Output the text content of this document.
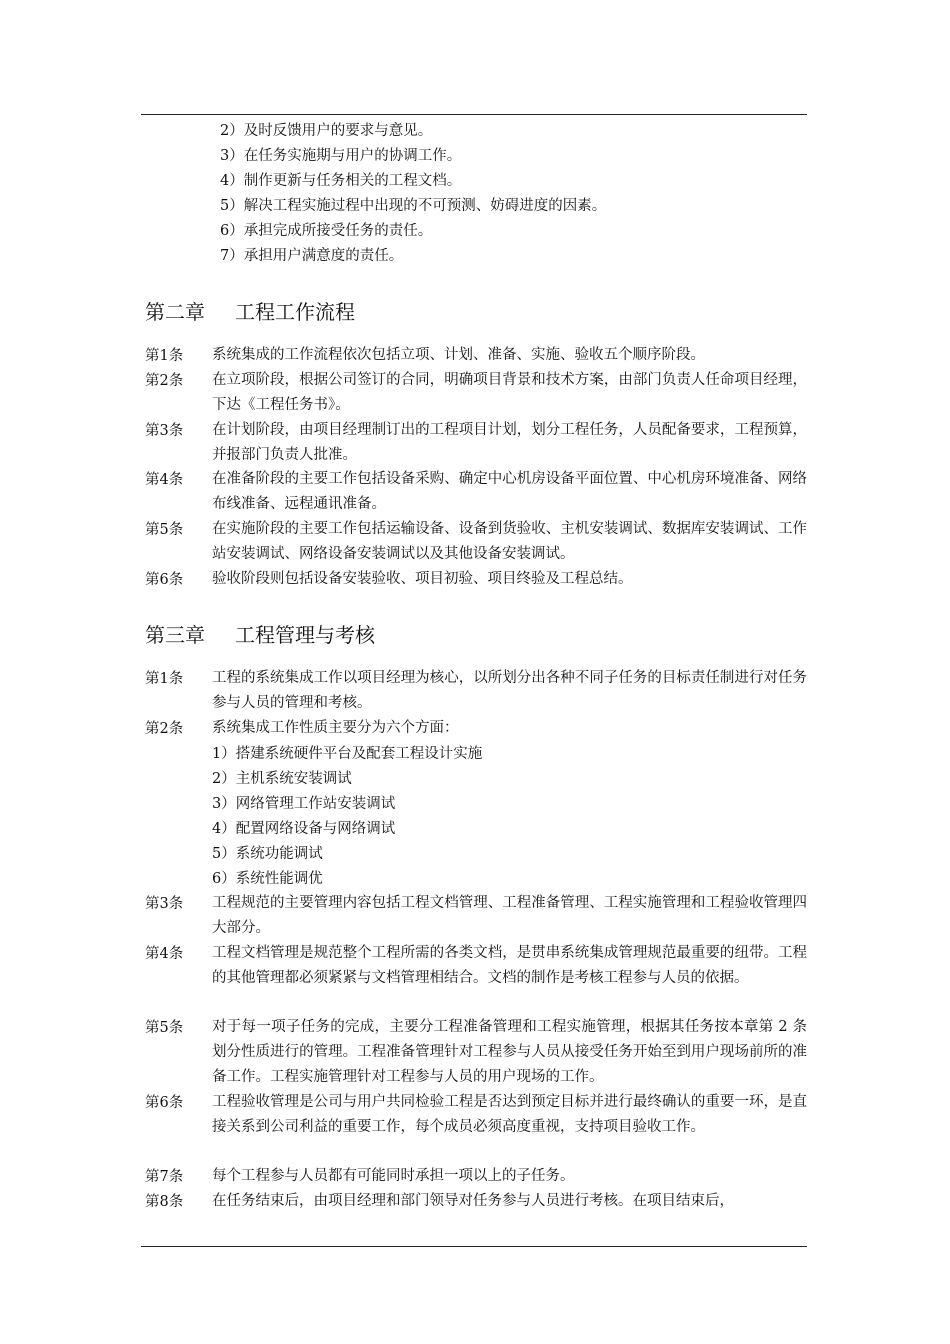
2）及时反馈用户的要求与意见。
3）在任务实施期与用户的协调工作。
4）制作更新与任务相关的工程文档。
5）解决工程实施过程中出现的不可预测、妨碍进度的因素。
6）承担完成所接受任务的责任。
7）承担用户满意度的责任。
第二章 工程工作流程
第1条 系统集成的工作流程依次包括立项、计划、准备、实施、验收五个顺序阶段。
第2条 在立项阶段，根据公司签订的合同，明确项目背景和技术方案，由部门负责人任命项目经理，下达《工程任务书》。
第3条 在计划阶段，由项目经理制订出的工程项目计划，划分工程任务，人员配备要求，工程预算，并报部门负责人批准。
第4条 在准备阶段的主要工作包括设备采购、确定中心机房设备平面位置、中心机房环境准备、网络布线准备、远程通讯准备。
第5条 在实施阶段的主要工作包括运输设备、设备到货验收、主机安装调试、数据库安装调试、工作站安装调试、网络设备安装调试以及其他设备安装调试。
第6条 验收阶段则包括设备安装验收、项目初验、项目终验及工程总结。
第三章 工程管理与考核
第1条 工程的系统集成工作以项目经理为核心，以所划分出各种不同子任务的目标责任制进行对任务参与人员的管理和考核。
第2条 系统集成工作性质主要分为六个方面：
1）搭建系统硬件平台及配套工程设计实施
2）主机系统安装调试
3）网络管理工作站安装调试
4）配置网络设备与网络调试
5）系统功能调试
6）系统性能调优
第3条 工程规范的主要管理内容包括工程文档管理、工程准备管理、工程实施管理和工程验收管理四大部分。
第4条 工程文档管理是规范整个工程所需的各类文档，是贯串系统集成管理规范最重要的纽带。工程的其他管理都必须紧紧与文档管理相结合。文档的制作是考核工程参与人员的依据。
第5条 对于每一项子任务的完成，主要分工程准备管理和工程实施管理，根据其任务按本章第 2 条划分性质进行的管理。工程准备管理针对工程参与人员从接受任务开始至到用户现场前所的准备工作。工程实施管理针对工程参与人员的用户现场的工作。
第6条 工程验收管理是公司与用户共同检验工程是否达到预定目标并进行最终确认的重要一环，是直接关系到公司利益的重要工作，每个成员必须高度重视，支持项目验收工作。
第7条 每个工程参与人员都有可能同时承担一项以上的子任务。
第8条 在任务结束后，由项目经理和部门领导对任务参与人员进行考核。在项目结束后，
